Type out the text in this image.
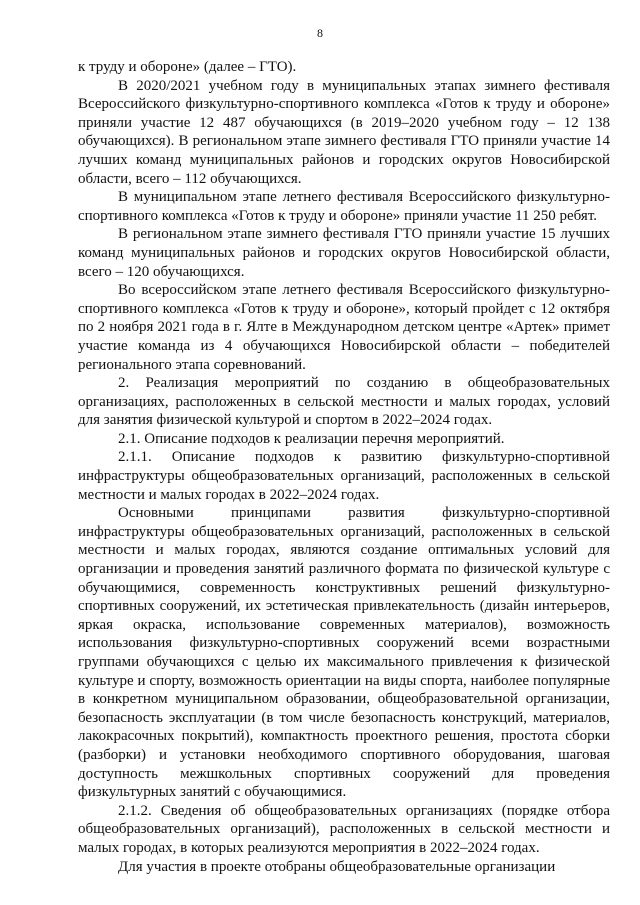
8

к труду и обороне» (далее – ГТО).

В 2020/2021 учебном году в муниципальных этапах зимнего фестиваля Всероссийского физкультурно-спортивного комплекса «Готов к труду и обороне» приняли участие 12 487 обучающихся (в 2019–2020 учебном году – 12 138 обучающихся). В региональном этапе зимнего фестиваля ГТО приняли участие 14 лучших команд муниципальных районов и городских округов Новосибирской области, всего – 112 обучающихся.

В муниципальном этапе летнего фестиваля Всероссийского физкультурно-спортивного комплекса «Готов к труду и обороне» приняли участие 11 250 ребят.

В региональном этапе зимнего фестиваля ГТО приняли участие 15 лучших команд муниципальных районов и городских округов Новосибирской области, всего – 120 обучающихся.

Во всероссийском этапе летнего фестиваля Всероссийского физкультурно-спортивного комплекса «Готов к труду и обороне», который пройдет с 12 октября по 2 ноября 2021 года в г. Ялте в Международном детском центре «Артек» примет участие команда из 4 обучающихся Новосибирской области – победителей регионального этапа соревнований.

2. Реализация мероприятий по созданию в общеобразовательных организациях, расположенных в сельской местности и малых городах, условий для занятия физической культурой и спортом в 2022–2024 годах.

2.1. Описание подходов к реализации перечня мероприятий.

2.1.1. Описание подходов к развитию физкультурно-спортивной инфраструктуры общеобразовательных организаций, расположенных в сельской местности и малых городах в 2022–2024 годах.

Основными принципами развития физкультурно-спортивной инфраструктуры общеобразовательных организаций, расположенных в сельской местности и малых городах, являются создание оптимальных условий для организации и проведения занятий различного формата по физической культуре с обучающимися, современность конструктивных решений физкультурно-спортивных сооружений, их эстетическая привлекательность (дизайн интерьеров, яркая окраска, использование современных материалов), возможность использования физкультурно-спортивных сооружений всеми возрастными группами обучающихся с целью их максимального привлечения к физической культуре и спорту, возможность ориентации на виды спорта, наиболее популярные в конкретном муниципальном образовании, общеобразовательной организации, безопасность эксплуатации (в том числе безопасность конструкций, материалов, лакокрасочных покрытий), компактность проектного решения, простота сборки (разборки) и установки необходимого спортивного оборудования, шаговая доступность межшкольных спортивных сооружений для проведения физкультурных занятий с обучающимися.

2.1.2. Сведения об общеобразовательных организациях (порядке отбора общеобразовательных организаций), расположенных в сельской местности и малых городах, в которых реализуются мероприятия в 2022–2024 годах.

Для участия в проекте отобраны общеобразовательные организации
